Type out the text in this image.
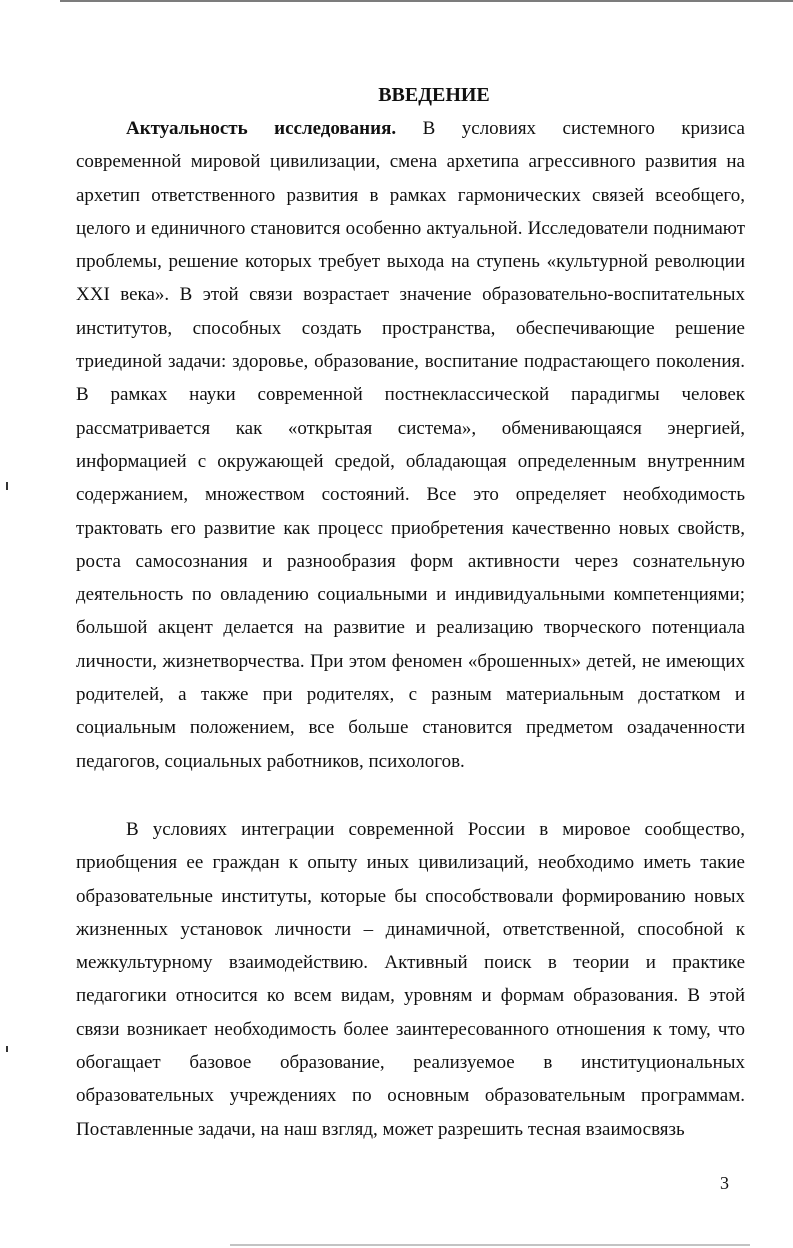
ВВЕДЕНИЕ

Актуальность исследования. В условиях системного кризиса современной мировой цивилизации, смена архетипа агрессивного развития на архетип ответственного развития в рамках гармонических связей всеобщего, целого и единичного становится особенно актуальной. Исследователи поднимают проблемы, решение которых требует выхода на ступень «культурной революции XXI века». В этой связи возрастает значение образовательно-воспитательных институтов, способных создать пространства, обеспечивающие решение триединой задачи: здоровье, образование, воспитание подрастающего поколения. В рамках науки современной постнеклассической парадигмы человек рассматривается как «открытая система», обменивающаяся энергией, информацией с окружающей средой, обладающая определенным внутренним содержанием, множеством состояний. Все это определяет необходимость трактовать его развитие как процесс приобретения качественно новых свойств, роста самосознания и разнообразия форм активности через сознательную деятельность по овладению социальными и индивидуальными компетенциями; большой акцент делается на развитие и реализацию творческого потенциала личности, жизнетворчества. При этом феномен «брошенных» детей, не имеющих родителей, а также при родителях, с разным материальным достатком и социальным положением, все больше становится предметом озадаченности педагогов, социальных работников, психологов.

В условиях интеграции современной России в мировое сообщество, приобщения ее граждан к опыту иных цивилизаций, необходимо иметь такие образовательные институты, которые бы способствовали формированию новых жизненных установок личности – динамичной, ответственной, способной к межкультурному взаимодействию. Активный поиск в теории и практике педагогики относится ко всем видам, уровням и формам образования. В этой связи возникает необходимость более заинтересованного отношения к тому, что обогащает базовое образование, реализуемое в институциональных образовательных учреждениях по основным образовательным программам. Поставленные задачи, на наш взгляд, может разрешить тесная взаимосвязь

3
